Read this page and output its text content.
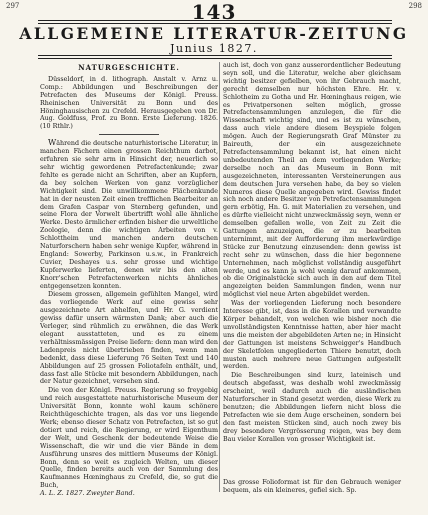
297	298
143
ALLGEMEINE LITERATUR-ZEITUNG
Junius 1827.
NATURGESCHICHTE.
Düsseldorf, in d. lithograph. Anstalt v. Arnz u. Comp.: Abbildungen und Beschreibungen der Petrefacten des Museums der Königl. Preuss. Rheinischen Universität zu Bonn und des Höninghausischen zu Crefeld. Herausgegeben von Dr. Aug. Goldfuss, Prof. zu Bonn. Erste Lieferung. 1826. (10 Rthlr.)

Während die deutsche naturhistorische Literatur, in manchen Fächern einen grossen Reichthum darbot, erfuhren sie sehr arm in Hinsicht der, neuerlich so sehr wichtig gewordenen Petrefactenkunde; zwar fehlte es gerade nicht an Schriften, aber an Kupfern, da bey solchen Werken von ganz vorzüglicher Wichtigkeit sind. Die unwillkommene Flächenkunde hat in der neusten Zeit einen trefflichen Bearbeiter an dem Grafen Caspar von Sternberg gefunden, und seine Flora der Vorwelt übertrifft wohl alle ähnliche Werke. Desto ärmlicher erfinden bisher die urweltliche Zoologie, denn die wichtigen Arbeiten von v. Schlottheim und manchen andern deutschen Naturforschern haben sehr wenige Kupfer, während in England: Sowerby, Parkinson u.s.w., in Frankreich Cuvier, Deshayes u.s. sehr grosse und wichtige Kupferwerke lieferten, denen wir bis den alten Knorr'schen Petrefactenwerken nichts ähnliches entgegensetzen konnten.

Diesem grossen, allgemein gefühlten Mangel, wird das vorliegende Werk auf eine gewiss sehr ausgezeichnete Art abhelfen, und Hr. G. verdient gewiss dafür unsern wärmsten Dank; aber auch die Verleger, sind rühmlich zu erwähnen, die das Werk elegant ausstatteten, und es zu einem verhältnissmässigen Preise liefern: denn man wird den Ladenpreis nicht übertrieben finden, wenn man bedenkt, dass diese Lieferung 76 Seiten Text und 140 Abbildungen auf 25 grossen Foliotafeln enthält, und, dass fast alle Stücke mit besondern Abbildungen, nach der Natur gezeichnet, versehen sind.

Die von der Königl. Preuss. Regierung so freygebig und reich ausgestattete naturhistorische Museum der Universität Bonn, konnte wohl kaum schönere Reichthügeschichte tragen, als das vor uns liegende Werk; ebenso dieser Schatz von Petrefacten, ist so gut dotiert und reich, die Regierung, er wird Eigenthum der Welt, und Geschenk der bedeutende Weise die Wissenschaft, die wir und die vier Bände in dem Ausführung unsres des mittlern Museums der Königl. Bonn, denn so weit es zugleich Welten, um dieser Quelle, finden bereits auch von der Sammlung des Kaufmannes Hœninghaus zu Crefeld, die, so gut die Buch,

auch ist, doch von ganz ausserordentlicher Bedeutung seyn soll, und die Literatur, welche aber gleichsam wichtig besitzer gefielben, von ihr Gebrauch macht, gerecht demselben nur höchsten Ehre. Hr. v. Schlotheim zu Gotha und Hr. Hœninghaus reigen, wie es Privatpersonen selten möglich, grosse Petrefactensammlungen anzulegen, die für die Wissenschaft wichtig sind, und es ist zu wünschen, dass auch viele andere diesem Beyspiele folgen mögen. Auch der Regierungsrath Graf Münster zu Baireuth, der ein ausgezeichnete Petrefactensammlung bekannt ist, hat einen nicht unbedeutenden Theil an dem vorliegenden Werke; derselbe noch an das Museum in Bonn mit ausgezeichneten, interessanten Versteinerungen aus dem deutschen Jura versehen habe, da bey so vielen Numeros diese Quelle angegeben wird. Gewiss findet sich noch andere Besitzer von Petrefactensammlungen gern erbötig, Hn. G. mit Materialien zu versehen, und es dürfte vielleicht nicht unzweckmässig seyn, wenn er demselben gefallen wolle, von Zeit zu Zeit die Gattungen anzuzeigen, die er zu bearbeiten unternimmt, mit der Aufforderung ihm merkwürdige Stücke zur Benutzung einzusenden: denn gewiss ist recht sehr zu wünschen, dass die hier begonnene Unternehmen, nach möglichst vollständig ausgeführt werde, und es kann ja wohl wenig darauf ankommen, ob die Originalstücke sich auch in den auf dem Titel angezeigten beiden Sammlungen finden, wenn nur möglichst viel neue Arten abgebildet werden.

Was der vorliegenden Lieferung noch besondere Interesse gibt, ist, dass in die Korallen und verwandte Körper behandelt, von welchen wie bisher noch die unvollständigsten Kenntnisse hatten, aber hier macht uns die meisten der abgebildeten Arten ne; in Hinsicht der Gattungen ist meistens Schweigger's Handbuch der Skeletfolen ungegliederten Thiere benutzt, doch musten auch mehrere neue Gattungen aufgestellt werden.

Die Beschreibungen sind kurz, lateinisch und deutsch abgefasst, was deshalb wohl zweckmässig erscheint, weil dadurch auch die ausländischen Naturforscher in Stand gesetzt werden, diese Werk zu benutzen; die Abbildungen liefern nicht bloss die Petrefacten wie sie dem Auge erscheinen, sondern bei den fast meisten Stücken sind, auch noch zwey bis drey besondere Vergrösserung reigen, was bey dem Bau vieler Korallen von grosser Wichtigkeit ist.

Das grosse Folioformat ist für den Gebrauch weniger bequem, als ein kleineres, gefiel sich. Sp.
A. L. Z. 1827. Zweyter Band.
